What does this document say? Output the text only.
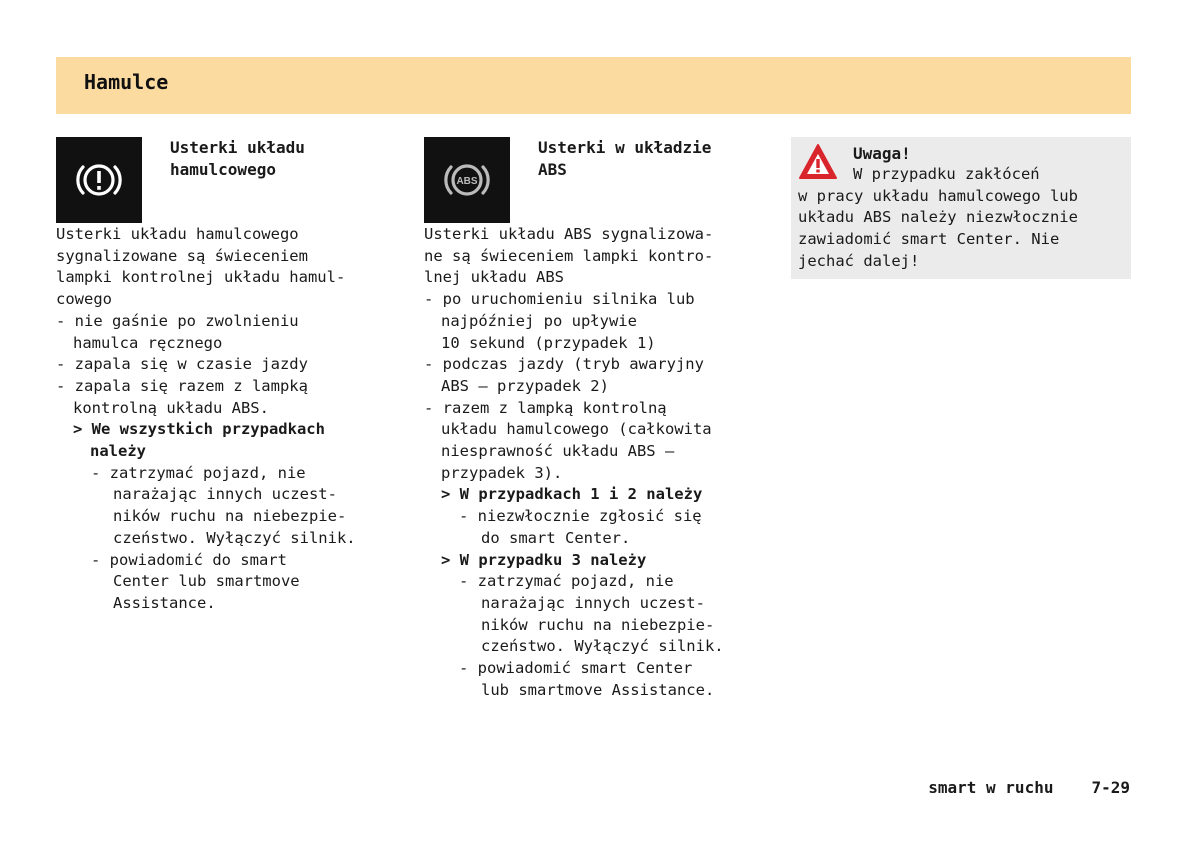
Hamulce
Usterki układu
hamulcowego

Usterki układu hamulcowego

sygnalizowane są świeceniem

lampki kontrolnej układu hamul-

cowego

- nie gaśnie po zwolnieniu
hamulca ręcznego

- zapala się w czasie jazdy

- zapala się razem z lampką
kontrolną układu ABS.

> We wszystkich przypadkach
należy

- zatrzymać pojazd, nie
narażając innych uczest-
ników ruchu na niebezpie-
czeństwo. Wyłączyć silnik.

- powiadomić do smart
Center lub smartmove
Assistance.

ABS
Usterki w układzie
ABS

Usterki układu ABS sygnalizowa-

ne są świeceniem lampki kontro-

lnej układu ABS

- po uruchomieniu silnika lub
najpóźniej po upływie
10 sekund (przypadek 1)

- podczas jazdy (tryb awaryjny
ABS — przypadek 2)

- razem z lampką kontrolną
układu hamulcowego (całkowita
niesprawność układu ABS —
przypadek 3).

> W przypadkach 1 i 2 należy

- niezwłocznie zgłosić się
do smart Center.

> W przypadku 3 należy

- zatrzymać pojazd, nie
narażając innych uczest-
ników ruchu na niebezpie-
czeństwo. Wyłączyć silnik.

- powiadomić smart Center
lub smartmove Assistance.

Uwaga!
W przypadku zakłóceń
w pracy układu hamulcowego lub
układu ABS należy niezwłocznie
zawiadomić smart Center. Nie
jechać dalej!
smart w ruchu 7-29
